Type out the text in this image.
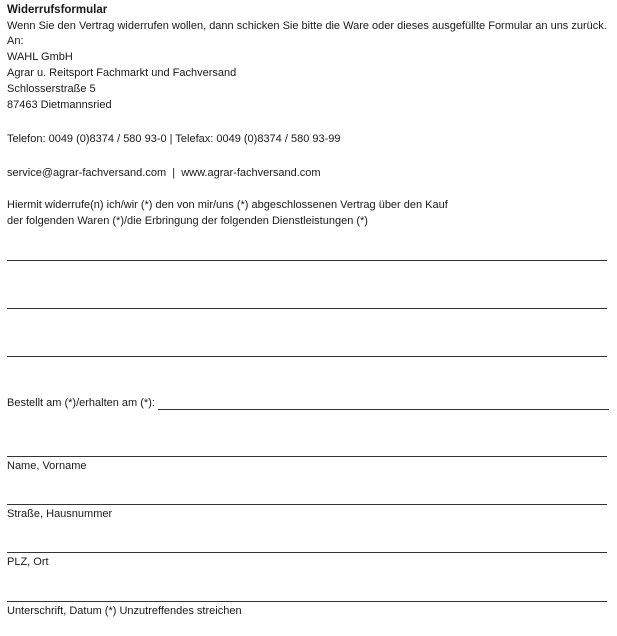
Widerrufsformular
Wenn Sie den Vertrag widerrufen wollen, dann schicken Sie bitte die Ware oder dieses ausgefüllte Formular an uns zurück.
An:
WAHL GmbH
Agrar u. Reitsport Fachmarkt und Fachversand
Schlosserstraße 5
87463 Dietmannsried
Telefon: 0049 (0)8374 / 580 93-0 | Telefax: 0049 (0)8374 / 580 93-99
service@agrar-fachversand.com  |  www.agrar-fachversand.com
Hiermit widerrufe(n) ich/wir (*) den von mir/uns (*) abgeschlossenen Vertrag über den Kauf
der folgenden Waren (*)/die Erbringung der folgenden Dienstleistungen (*)
Bestellt am (*)/erhalten am (*):
Name, Vorname
Straße, Hausnummer
PLZ, Ort
Unterschrift, Datum (*) Unzutreffendes streichen
